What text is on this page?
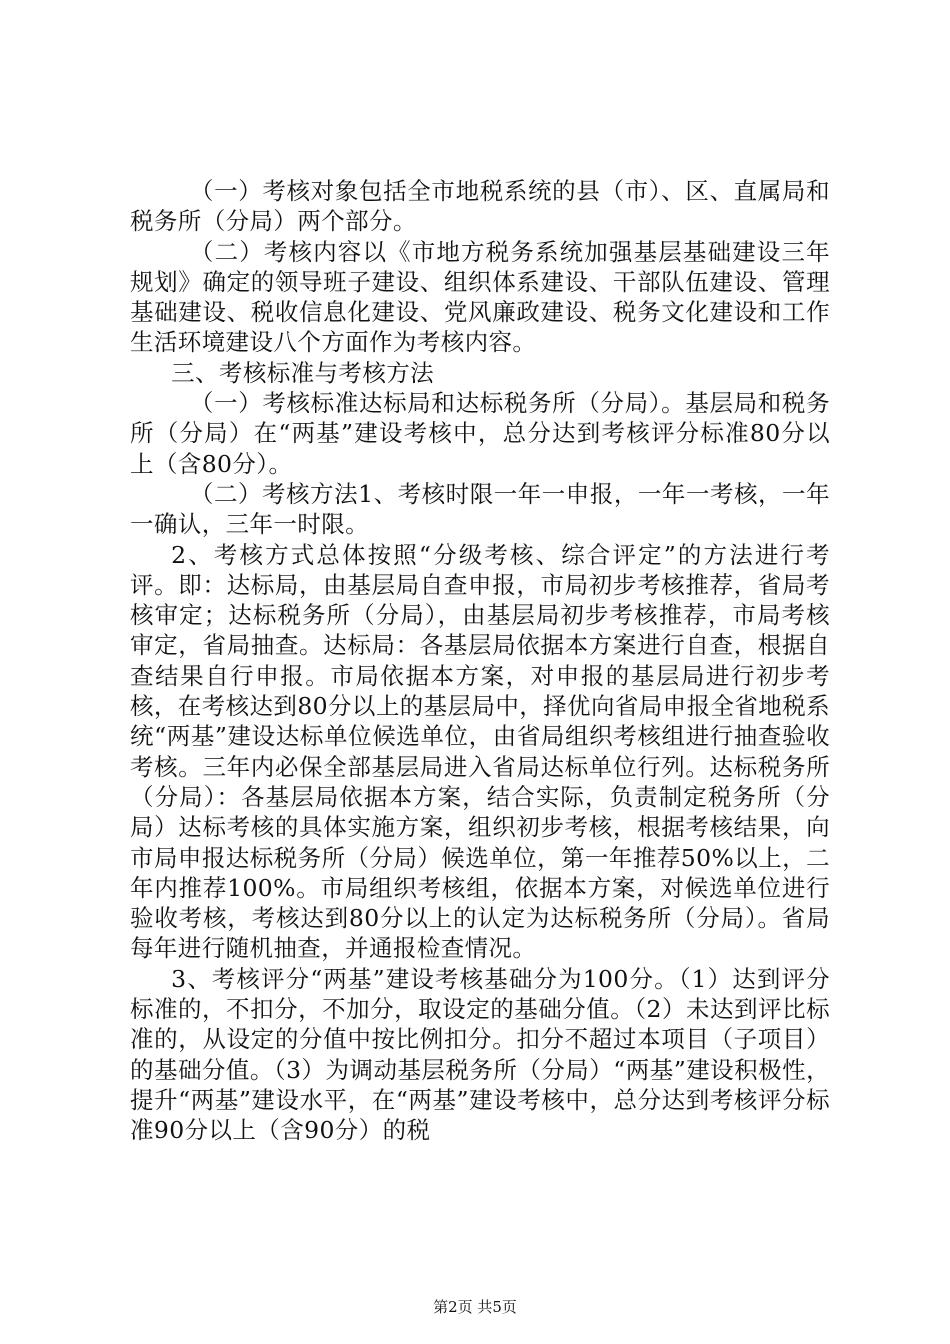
（一）考核对象包括全市地税系统的县（市）、区、直属局和税务所（分局）两个部分。

（二）考核内容以《市地方税务系统加强基层基础建设三年规划》确定的领导班子建设、组织体系建设、干部队伍建设、管理基础建设、税收信息化建设、党风廉政建设、税务文化建设和工作生活环境建设八个方面作为考核内容。

三、考核标准与考核方法

（一）考核标准达标局和达标税务所（分局）。基层局和税务所（分局）在“两基”建设考核中，总分达到考核评分标准80分以上（含80分）。

（二）考核方法1、考核时限一年一申报，一年一考核，一年一确认，三年一时限。

2、考核方式总体按照“分级考核、综合评定”的方法进行考评。即：达标局，由基层局自查申报，市局初步考核推荐，省局考核审定；达标税务所（分局），由基层局初步考核推荐，市局考核审定，省局抽查。达标局：各基层局依据本方案进行自查，根据自查结果自行申报。市局依据本方案，对申报的基层局进行初步考核，在考核达到80分以上的基层局中，择优向省局申报全省地税系统“两基”建设达标单位候选单位，由省局组织考核组进行抽查验收考核。三年内必保全部基层局进入省局达标单位行列。达标税务所（分局）：各基层局依据本方案，结合实际，负责制定税务所（分局）达标考核的具体实施方案，组织初步考核，根据考核结果，向市局申报达标税务所（分局）候选单位，第一年推荐50%以上，二年内推荐100%。市局组织考核组，依据本方案，对候选单位进行验收考核，考核达到80分以上的认定为达标税务所（分局）。省局每年进行随机抽查，并通报检查情况。

3、考核评分“两基”建设考核基础分为100分。（1）达到评分标准的，不扣分，不加分，取设定的基础分值。（2）未达到评比标准的，从设定的分值中按比例扣分。扣分不超过本项目（子项目）的基础分值。（3）为调动基层税务所（分局）“两基”建设积极性，提升“两基”建设水平，在“两基”建设考核中，总分达到考核评分标准90分以上（含90分）的税

第2页 共5页
